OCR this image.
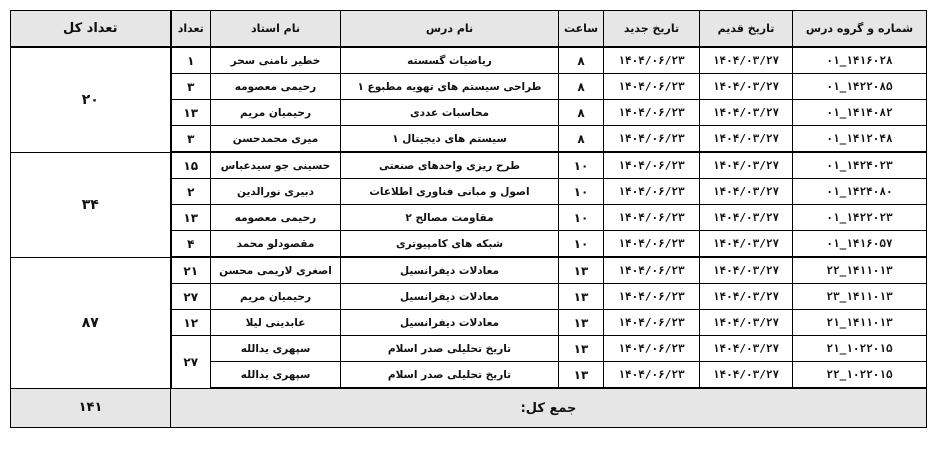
شماره و گروه درس	تاریخ قدیم	تاریخ جدید	ساعت	نام درس	نام استاد	تعداد	تعداد کل
۱۴۱۶۰۲۸_۰۱	۱۴۰۴/۰۳/۲۷	۱۴۰۴/۰۶/۲۳	۸	ریاضیات گسسته	خطیر نامنی سحر	۱	۲۰
۱۴۲۲۰۸۵_۰۱	۱۴۰۴/۰۳/۲۷	۱۴۰۴/۰۶/۲۳	۸	طراحی سیستم های تهویه مطبوع ۱	رحیمی معصومه	۳	
۱۴۱۴۰۸۲_۰۱	۱۴۰۴/۰۳/۲۷	۱۴۰۴/۰۶/۲۳	۸	محاسبات عددی	رحیمیان مریم	۱۳	
۱۴۱۲۰۴۸_۰۱	۱۴۰۴/۰۳/۲۷	۱۴۰۴/۰۶/۲۳	۸	سیستم های دیجیتال ۱	میری محمدحسن	۳	
۱۴۲۴۰۲۳_۰۱	۱۴۰۴/۰۳/۲۷	۱۴۰۴/۰۶/۲۳	۱۰	طرح ریزی واحدهای صنعتی	حسینی جو سیدعباس	۱۵	۳۴
۱۴۲۴۰۸۰_۰۱	۱۴۰۴/۰۳/۲۷	۱۴۰۴/۰۶/۲۳	۱۰	اصول و مبانی فناوری اطلاعات	دبیری نورالدین	۲	
۱۴۲۲۰۲۳_۰۱	۱۴۰۴/۰۳/۲۷	۱۴۰۴/۰۶/۲۳	۱۰	مقاومت مصالح ۲	رحیمی معصومه	۱۳	
۱۴۱۶۰۵۷_۰۱	۱۴۰۴/۰۳/۲۷	۱۴۰۴/۰۶/۲۳	۱۰	شبکه های کامپیوتری	مقصودلو محمد	۴	
۱۴۱۱۰۱۳_۲۲	۱۴۰۴/۰۳/۲۷	۱۴۰۴/۰۶/۲۳	۱۳	معادلات دیفرانسیل	اصغری لاریمی محسن	۲۱	۸۷
۱۴۱۱۰۱۳_۲۳	۱۴۰۴/۰۳/۲۷	۱۴۰۴/۰۶/۲۳	۱۳	معادلات دیفرانسیل	رحیمیان مریم	۲۷	
۱۴۱۱۰۱۳_۲۱	۱۴۰۴/۰۳/۲۷	۱۴۰۴/۰۶/۲۳	۱۳	معادلات دیفرانسیل	عابدینی لیلا	۱۲	
۱۰۲۲۰۱۵_۲۱	۱۴۰۴/۰۳/۲۷	۱۴۰۴/۰۶/۲۳	۱۳	تاریخ تحلیلی صدر اسلام	سپهری یدالله	۲۷	
۱۰۲۲۰۱۵_۲۲	۱۴۰۴/۰۳/۲۷	۱۴۰۴/۰۶/۲۳	۱۳	تاریخ تحلیلی صدر اسلام	سپهری یدالله		
جمع کل:							۱۴۱
